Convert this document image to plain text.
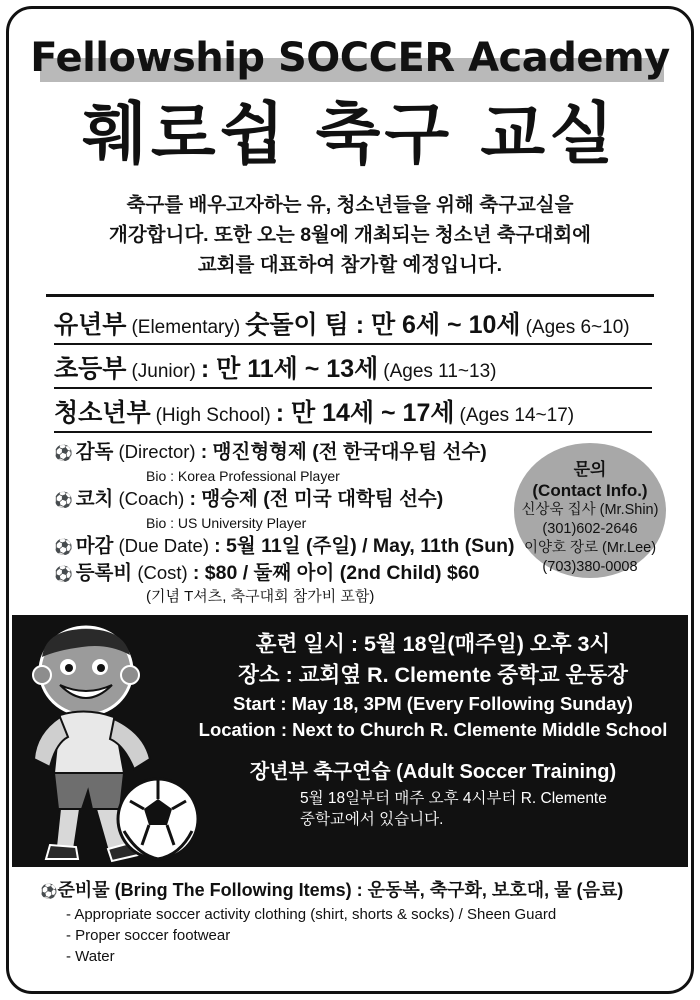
Fellowship SOCCER Academy
훼로쉽 축구 교실
축구를 배우고자하는 유, 청소년들을 위해 축구교실을
개강합니다. 또한 오는 8월에 개최되는 청소년 축구대회에
교회를 대표하여 참가할 예정입니다.
유년부 (Elementary) 숫돌이 팀 : 만 6세 ~ 10세 (Ages 6~10)
초등부 (Junior) : 만 11세 ~ 13세 (Ages 11~13)
청소년부 (High School) : 만 14세 ~ 17세 (Ages 14~17)
⚽ 감독 (Director) : 맹진형형제 (전 한국대우팀 선수)
Bio : Korea Professional Player
⚽ 코치 (Coach) : 맹승제 (전 미국 대학팀 선수)
Bio : US University Player
⚽ 마감 (Due Date) : 5월 11일 (주일) / May, 11th (Sun)
⚽ 등록비 (Cost) : $80 / 둘째 아이 (2nd Child) $60
(기념 T셔츠, 축구대회 참가비 포함)
문의
(Contact Info.)
신상욱 집사 (Mr.Shin)
(301)602-2646
이양호 장로 (Mr.Lee)
(703)380-0008
훈련 일시 : 5월 18일(매주일) 오후 3시
장소 : 교회옆 R. Clemente 중학교 운동장
Start : May 18, 3PM (Every Following Sunday)
Location : Next to Church R. Clemente Middle School
장년부 축구연습 (Adult Soccer Training)
5월 18일부터 매주 오후 4시부터 R. Clemente
중학교에서 있습니다.
⚽준비물 (Bring The Following Items) : 운동복, 축구화, 보호대, 물 (음료)
- Appropriate soccer activity clothing (shirt, shorts & socks) / Sheen Guard
- Proper soccer footwear
- Water
